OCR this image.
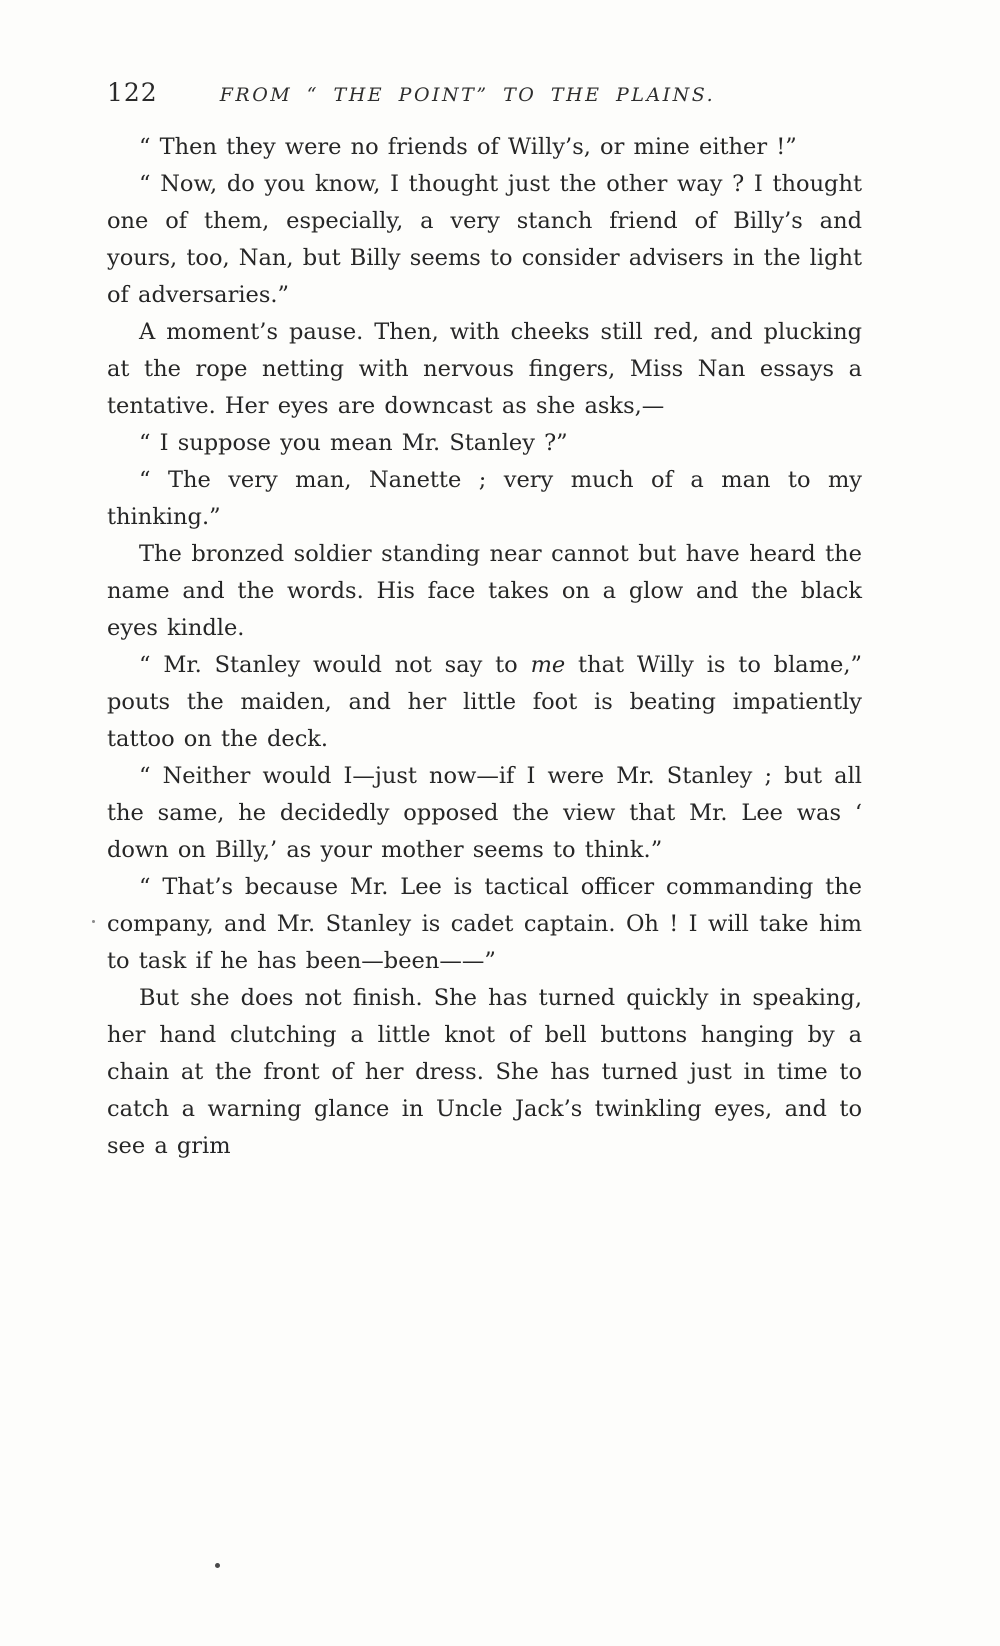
122	FROM “ THE POINT” TO THE PLAINS.

“ Then they were no friends of Willy’s, or mine either !”

“ Now, do you know, I thought just the other way ? I thought one of them, especially, a very stanch friend of Billy’s and yours, too, Nan, but Billy seems to consider advisers in the light of adversaries.”

A moment’s pause. Then, with cheeks still red, and plucking at the rope netting with nervous fingers, Miss Nan essays a tentative. Her eyes are downcast as she asks,—

“ I suppose you mean Mr. Stanley ?”

“ The very man, Nanette ; very much of a man to my thinking.”

The bronzed soldier standing near cannot but have heard the name and the words. His face takes on a glow and the black eyes kindle.

“ Mr. Stanley would not say to me that Willy is to blame,” pouts the maiden, and her little foot is beating impatiently tattoo on the deck.

“ Neither would I—just now—if I were Mr. Stanley ; but all the same, he decidedly opposed the view that Mr. Lee was ‘ down on Billy,’ as your mother seems to think.”

“ That’s because Mr. Lee is tactical officer commanding the company, and Mr. Stanley is cadet captain. Oh ! I will take him to task if he has been—been——”

But she does not finish. She has turned quickly in speaking, her hand clutching a little knot of bell buttons hanging by a chain at the front of her dress. She has turned just in time to catch a warning glance in Uncle Jack’s twinkling eyes, and to see a grim
